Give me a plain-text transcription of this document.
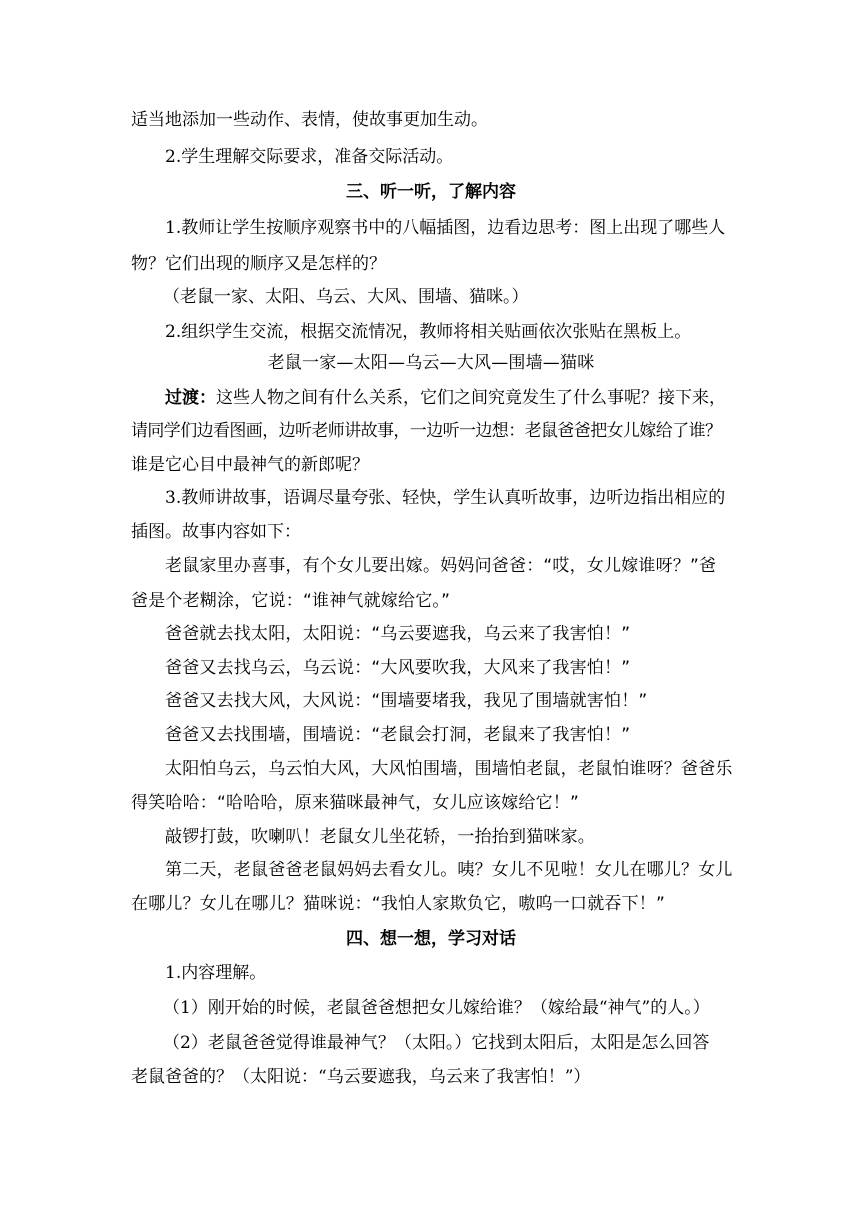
适当地添加一些动作、表情，使故事更加生动。
2.学生理解交际要求，准备交际活动。
三、听一听，了解内容
1.教师让学生按顺序观察书中的八幅插图，边看边思考：图上出现了哪些人
物？它们出现的顺序又是怎样的？
（老鼠一家、太阳、乌云、大风、围墙、猫咪。）
2.组织学生交流，根据交流情况，教师将相关贴画依次张贴在黑板上。
老鼠一家—太阳—乌云—大风—围墙—猫咪
过渡：这些人物之间有什么关系，它们之间究竟发生了什么事呢？接下来，
请同学们边看图画，边听老师讲故事，一边听一边想：老鼠爸爸把女儿嫁给了谁？
谁是它心目中最神气的新郎呢？
3.教师讲故事，语调尽量夸张、轻快，学生认真听故事，边听边指出相应的
插图。故事内容如下：
老鼠家里办喜事，有个女儿要出嫁。妈妈问爸爸：“哎，女儿嫁谁呀？”爸
爸是个老糊涂，它说：“谁神气就嫁给它。”
爸爸就去找太阳，太阳说：“乌云要遮我，乌云来了我害怕！”
爸爸又去找乌云，乌云说：“大风要吹我，大风来了我害怕！”
爸爸又去找大风，大风说：“围墙要堵我，我见了围墙就害怕！”
爸爸又去找围墙，围墙说：“老鼠会打洞，老鼠来了我害怕！”
太阳怕乌云，乌云怕大风，大风怕围墙，围墙怕老鼠，老鼠怕谁呀？爸爸乐
得笑哈哈：“哈哈哈，原来猫咪最神气，女儿应该嫁给它！”
敲锣打鼓，吹喇叭！老鼠女儿坐花轿，一抬抬到猫咪家。
第二天，老鼠爸爸老鼠妈妈去看女儿。咦？女儿不见啦！女儿在哪儿？女儿
在哪儿？女儿在哪儿？猫咪说：“我怕人家欺负它，嗷呜一口就吞下！”
四、想一想，学习对话
1.内容理解。
（1）刚开始的时候，老鼠爸爸想把女儿嫁给谁？（嫁给最“神气”的人。）
（2）老鼠爸爸觉得谁最神气？（太阳。）它找到太阳后，太阳是怎么回答
老鼠爸爸的？（太阳说：“乌云要遮我，乌云来了我害怕！”）
